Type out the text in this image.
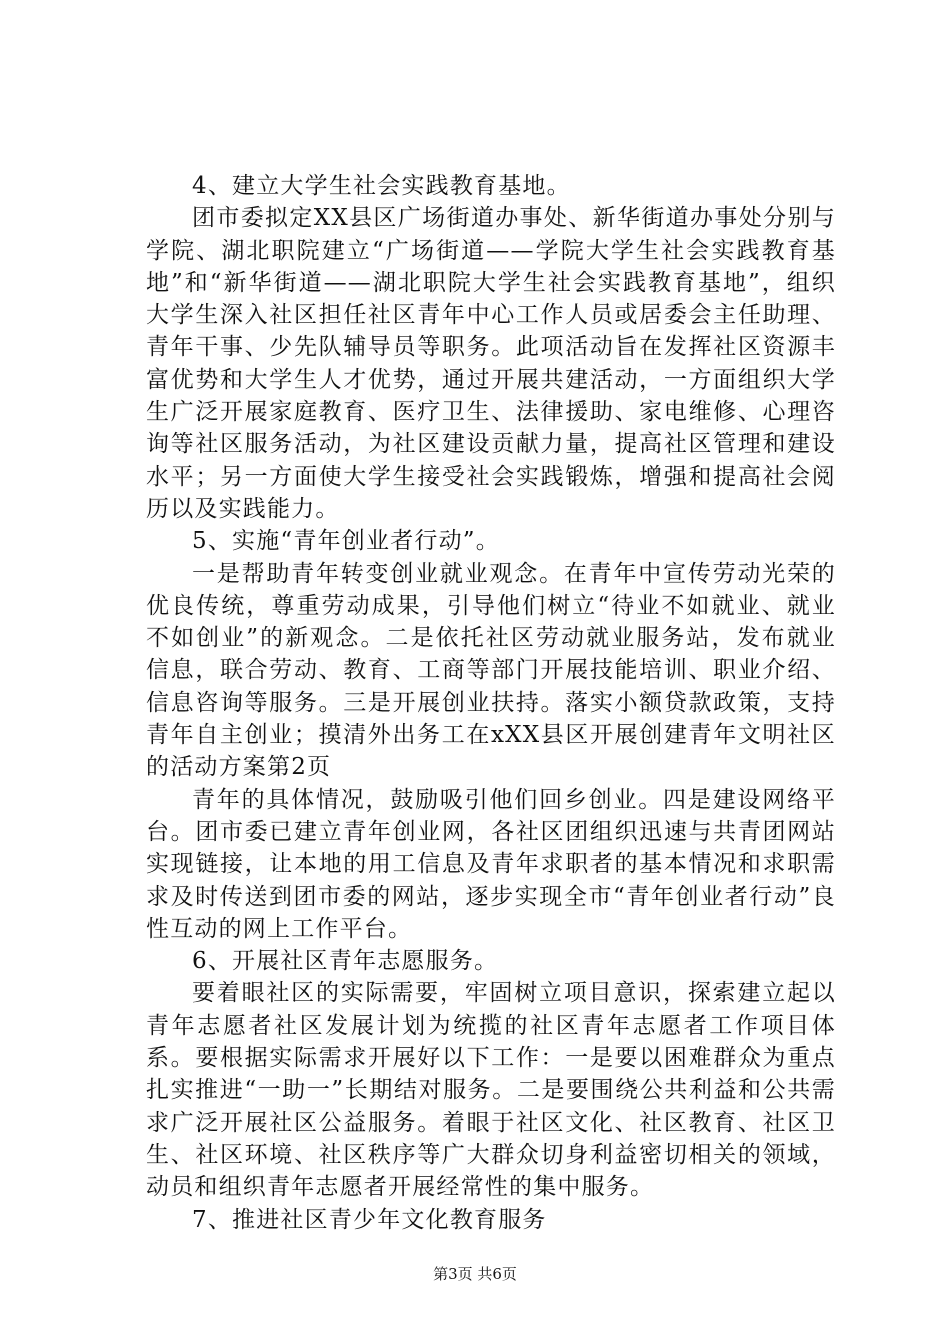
4、建立大学生社会实践教育基地。

团市委拟定XX县区广场街道办事处、新华街道办事处分别与学院、湖北职院建立“广场街道——学院大学生社会实践教育基地”和“新华街道——湖北职院大学生社会实践教育基地”，组织大学生深入社区担任社区青年中心工作人员或居委会主任助理、青年干事、少先队辅导员等职务。此项活动旨在发挥社区资源丰富优势和大学生人才优势，通过开展共建活动，一方面组织大学生广泛开展家庭教育、医疗卫生、法律援助、家电维修、心理咨询等社区服务活动，为社区建设贡献力量，提高社区管理和建设水平；另一方面使大学生接受社会实践锻炼，增强和提高社会阅历以及实践能力。

5、实施“青年创业者行动”。

一是帮助青年转变创业就业观念。在青年中宣传劳动光荣的优良传统，尊重劳动成果，引导他们树立“待业不如就业、就业不如创业”的新观念。二是依托社区劳动就业服务站，发布就业信息，联合劳动、教育、工商等部门开展技能培训、职业介绍、信息咨询等服务。三是开展创业扶持。落实小额贷款政策，支持青年自主创业；摸清外出务工在xXX县区开展创建青年文明社区的活动方案第2页

青年的具体情况，鼓励吸引他们回乡创业。四是建设网络平台。团市委已建立青年创业网，各社区团组织迅速与共青团网站实现链接，让本地的用工信息及青年求职者的基本情况和求职需求及时传送到团市委的网站，逐步实现全市“青年创业者行动”良性互动的网上工作平台。

6、开展社区青年志愿服务。

要着眼社区的实际需要，牢固树立项目意识，探索建立起以青年志愿者社区发展计划为统揽的社区青年志愿者工作项目体系。要根据实际需求开展好以下工作：一是要以困难群众为重点扎实推进“一助一”长期结对服务。二是要围绕公共利益和公共需求广泛开展社区公益服务。着眼于社区文化、社区教育、社区卫生、社区环境、社区秩序等广大群众切身利益密切相关的领域，动员和组织青年志愿者开展经常性的集中服务。

7、推进社区青少年文化教育服务

第3页 共6页
